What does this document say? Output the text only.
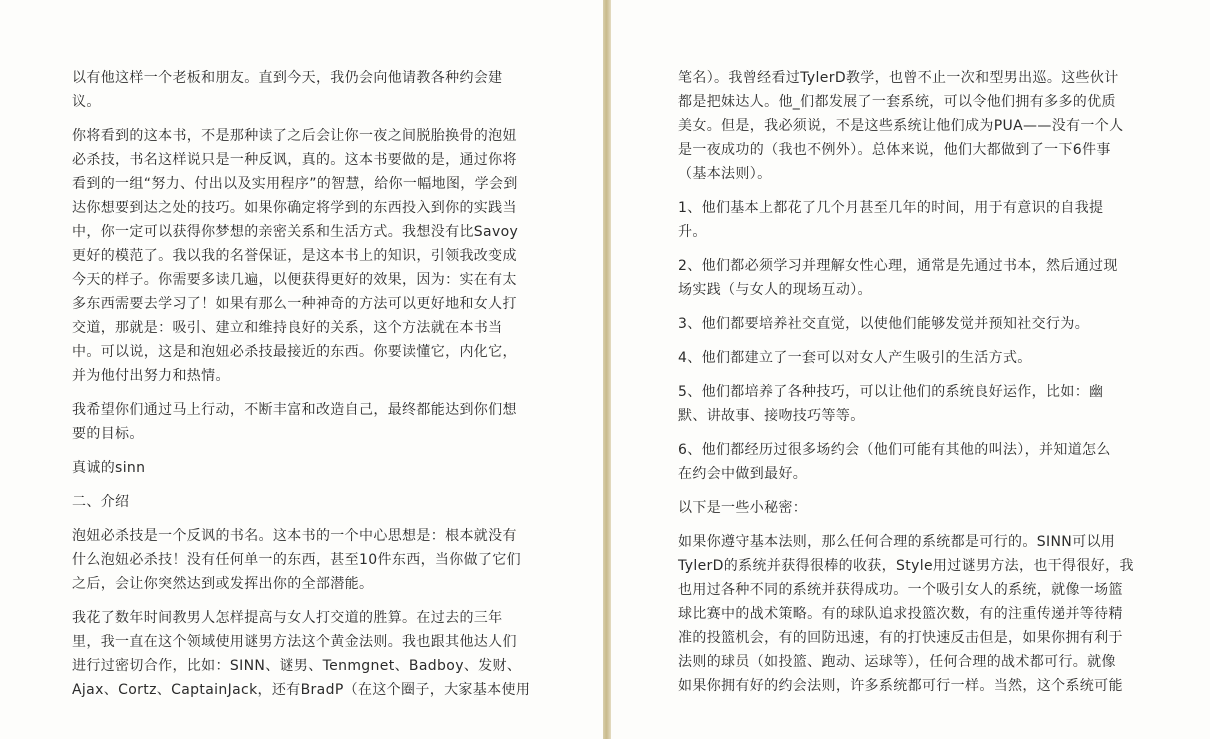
以有他这样一个老板和朋友。直到今天，我仍会向他请教各种约会建
议。
你将看到的这本书，不是那种读了之后会让你一夜之间脱胎换骨的泡妞
必杀技，书名这样说只是一种反讽，真的。这本书要做的是，通过你将
看到的一组“努力、付出以及实用程序”的智慧，给你一幅地图，学会到
达你想要到达之处的技巧。如果你确定将学到的东西投入到你的实践当
中，你一定可以获得你梦想的亲密关系和生活方式。我想没有比Savoy
更好的模范了。我以我的名誉保证，是这本书上的知识，引领我改变成
今天的样子。你需要多读几遍，以便获得更好的效果，因为：实在有太
多东西需要去学习了！如果有那么一种神奇的方法可以更好地和女人打
交道，那就是：吸引、建立和维持良好的关系，这个方法就在本书当
中。可以说，这是和泡妞必杀技最接近的东西。你要读懂它，内化它，
并为他付出努力和热情。
我希望你们通过马上行动，不断丰富和改造自己，最终都能达到你们想
要的目标。
真诚的sinn
二、介绍
泡妞必杀技是一个反讽的书名。这本书的一个中心思想是：根本就没有
什么泡妞必杀技！没有任何单一的东西，甚至10件东西，当你做了它们
之后，会让你突然达到或发挥出你的全部潜能。
我花了数年时间教男人怎样提高与女人打交道的胜算。在过去的三年
里，我一直在这个领域使用谜男方法这个黄金法则。我也跟其他达人们
进行过密切合作，比如：SINN、谜男、Tenmgnet、Badboy、发财、
Ajax、Cortz、CaptainJack，还有BradP（在这个圈子，大家基本使用
笔名）。我曾经看过TylerD教学，也曾不止一次和型男出巡。这些伙计
都是把妹达人。他_们都发展了一套系统，可以令他们拥有多多的优质
美女。但是，我必须说，不是这些系统让他们成为PUA——没有一个人
是一夜成功的（我也不例外）。总体来说，他们大都做到了一下6件事
（基本法则）。
1、他们基本上都花了几个月甚至几年的时间，用于有意识的自我提
升。
2、他们都必须学习并理解女性心理，通常是先通过书本，然后通过现
场实践（与女人的现场互动）。
3、他们都要培养社交直觉，以使他们能够发觉并预知社交行为。
4、他们都建立了一套可以对女人产生吸引的生活方式。
5、他们都培养了各种技巧，可以让他们的系统良好运作，比如：幽
默、讲故事、接吻技巧等等。
6、他们都经历过很多场约会（他们可能有其他的叫法），并知道怎么
在约会中做到最好。
以下是一些小秘密：
如果你遵守基本法则，那么任何合理的系统都是可行的。SINN可以用
TylerD的系统并获得很棒的收获，Style用过谜男方法，也干得很好，我
也用过各种不同的系统并获得成功。一个吸引女人的系统，就像一场篮
球比赛中的战术策略。有的球队追求投篮次数，有的注重传递并等待精
准的投篮机会，有的回防迅速，有的打快速反击但是，如果你拥有利于
法则的球员（如投篮、跑动、运球等），任何合理的战术都可行。就像
如果你拥有好的约会法则，许多系统都可行一样。当然，这个系统可能
